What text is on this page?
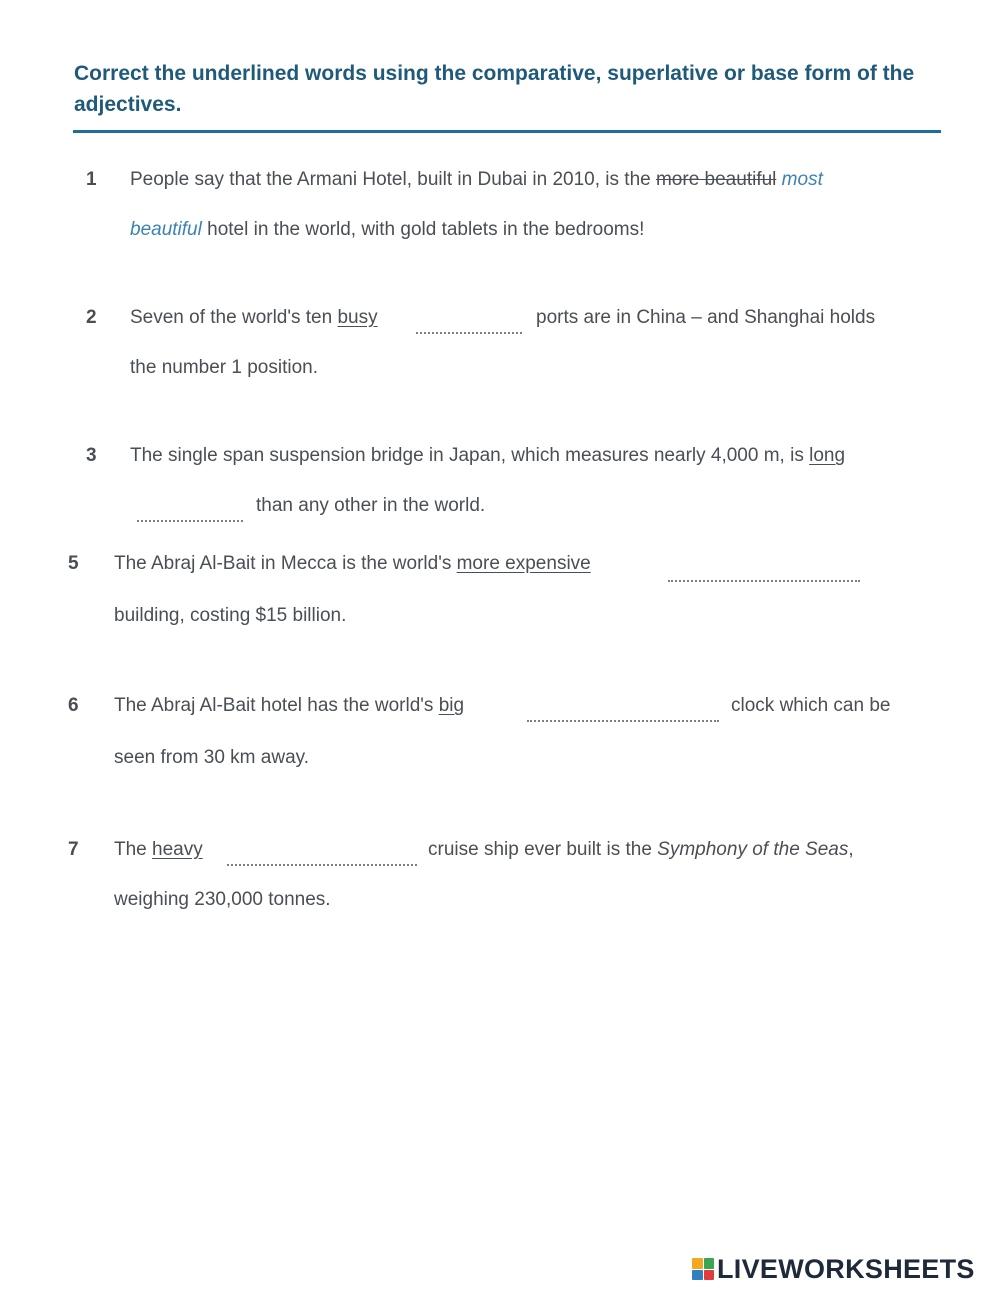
Correct the underlined words using the comparative, superlative or base form of the adjectives.
1 People say that the Armani Hotel, built in Dubai in 2010, is the more beautiful most
beautiful hotel in the world, with gold tablets in the bedrooms!
2 Seven of the world's ten busy	ports are in China – and Shanghai holds
the number 1 position.
3 The single span suspension bridge in Japan, which measures nearly 4,000 m, is long
than any other in the world.
5 The Abraj Al-Bait in Mecca is the world's more expensive
building, costing $15 billion.
6 The Abraj Al-Bait hotel has the world's big	clock which can be
seen from 30 km away.
7 The heavy	cruise ship ever built is the Symphony of the Seas,
weighing 230,000 tonnes.
LIVEWORKSHEETS
